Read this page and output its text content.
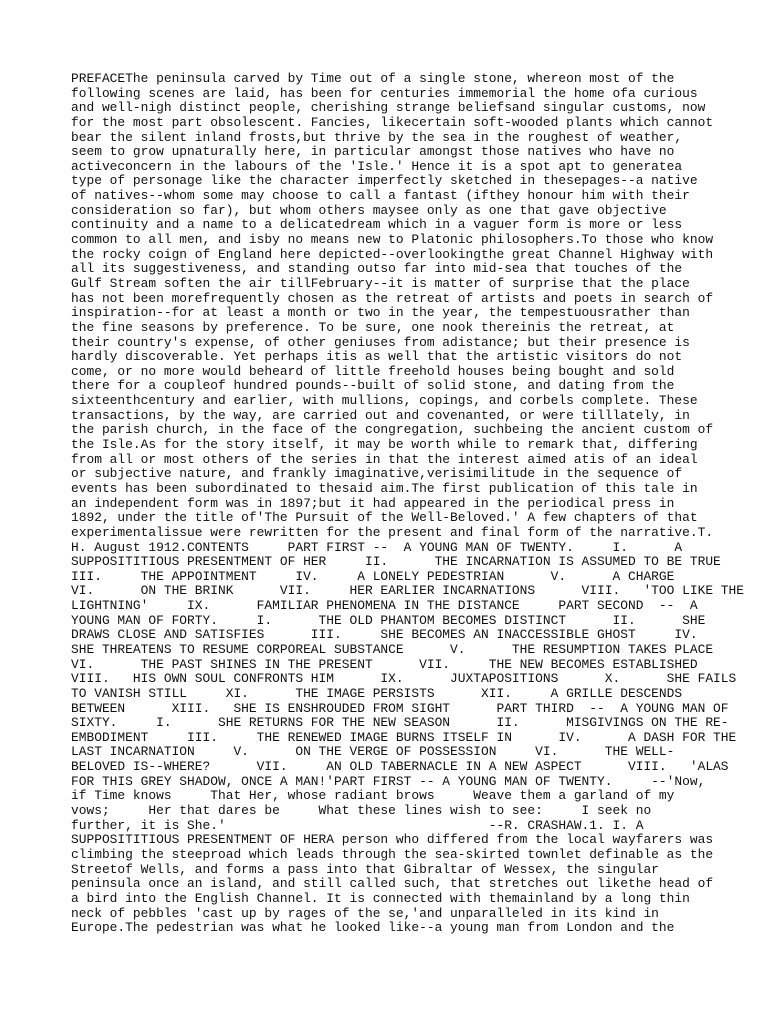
PREFACEThe peninsula carved by Time out of a single stone, whereon most of the

following scenes are laid, has been for centuries immemorial the home ofa curious

and well-nigh distinct people, cherishing strange beliefsand singular customs, now

for the most part obsolescent. Fancies, likecertain soft-wooded plants which cannot

bear the silent inland frosts,but thrive by the sea in the roughest of weather,

seem to grow upnaturally here, in particular amongst those natives who have no

activeconcern in the labours of the 'Isle.' Hence it is a spot apt to generatea

type of personage like the character imperfectly sketched in thesepages--a native

of natives--whom some may choose to call a fantast (ifthey honour him with their

consideration so far), but whom others maysee only as one that gave objective

continuity and a name to a delicatedream which in a vaguer form is more or less

common to all men, and isby no means new to Platonic philosophers.To those who know

the rocky coign of England here depicted--overlookingthe great Channel Highway with

all its suggestiveness, and standing outso far into mid-sea that touches of the

Gulf Stream soften the air tillFebruary--it is matter of surprise that the place

has not been morefrequently chosen as the retreat of artists and poets in search of

inspiration--for at least a month or two in the year, the tempestuousrather than

the fine seasons by preference. To be sure, one nook thereinis the retreat, at

their country's expense, of other geniuses from adistance; but their presence is

hardly discoverable. Yet perhaps itis as well that the artistic visitors do not

come, or no more would beheard of little freehold houses being bought and sold

there for a coupleof hundred pounds--built of solid stone, and dating from the

sixteenthcentury and earlier, with mullions, copings, and corbels complete. These

transactions, by the way, are carried out and covenanted, or were tilllately, in

the parish church, in the face of the congregation, suchbeing the ancient custom of

the Isle.As for the story itself, it may be worth while to remark that, differing

from all or most others of the series in that the interest aimed atis of an ideal

or subjective nature, and frankly imaginative,verisimilitude in the sequence of

events has been subordinated to thesaid aim.The first publication of this tale in

an independent form was in 1897;but it had appeared in the periodical press in

1892, under the title of'The Pursuit of the Well-Beloved.' A few chapters of that

experimentalissue were rewritten for the present and final form of the narrative.T.

H. August 1912.CONTENTS     PART FIRST --  A YOUNG MAN OF TWENTY.     I.      A

SUPPOSITITIOUS PRESENTMENT OF HER     II.      THE INCARNATION IS ASSUMED TO BE TRUE

III.     THE APPOINTMENT     IV.     A LONELY PEDESTRIAN      V.      A CHARGE

VI.      ON THE BRINK      VII.     HER EARLIER INCARNATIONS      VIII.   'TOO LIKE THE

LIGHTNING'     IX.      FAMILIAR PHENOMENA IN THE DISTANCE     PART SECOND  --  A

YOUNG MAN OF FORTY.     I.      THE OLD PHANTOM BECOMES DISTINCT      II.      SHE

DRAWS CLOSE AND SATISFIES      III.     SHE BECOMES AN INACCESSIBLE GHOST     IV.

SHE THREATENS TO RESUME CORPOREAL SUBSTANCE      V.      THE RESUMPTION TAKES PLACE

VI.      THE PAST SHINES IN THE PRESENT      VII.     THE NEW BECOMES ESTABLISHED

VIII.   HIS OWN SOUL CONFRONTS HIM      IX.      JUXTAPOSITIONS      X.      SHE FAILS

TO VANISH STILL     XI.      THE IMAGE PERSISTS      XII.     A GRILLE DESCENDS

BETWEEN      XIII.   SHE IS ENSHROUDED FROM SIGHT      PART THIRD  --  A YOUNG MAN OF

SIXTY.     I.      SHE RETURNS FOR THE NEW SEASON      II.      MISGIVINGS ON THE RE-

EMBODIMENT     III.     THE RENEWED IMAGE BURNS ITSELF IN      IV.      A DASH FOR THE

LAST INCARNATION     V.      ON THE VERGE OF POSSESSION     VI.      THE WELL-

BELOVED IS--WHERE?      VII.     AN OLD TABERNACLE IN A NEW ASPECT      VIII.   'ALAS

FOR THIS GREY SHADOW, ONCE A MAN!'PART FIRST -- A YOUNG MAN OF TWENTY.     --'Now,

if Time knows     That Her, whose radiant brows     Weave them a garland of my

vows;     Her that dares be     What these lines wish to see:     I seek no

further, it is She.'                                  --R. CRASHAW.1. I. A

SUPPOSITITIOUS PRESENTMENT OF HERA person who differed from the local wayfarers was

climbing the steeproad which leads through the sea-skirted townlet definable as the

Streetof Wells, and forms a pass into that Gibraltar of Wessex, the singular

peninsula once an island, and still called such, that stretches out likethe head of

a bird into the English Channel. It is connected with themainland by a long thin

neck of pebbles 'cast up by rages of the se,'and unparalleled in its kind in

Europe.The pedestrian was what he looked like--a young man from London and the
